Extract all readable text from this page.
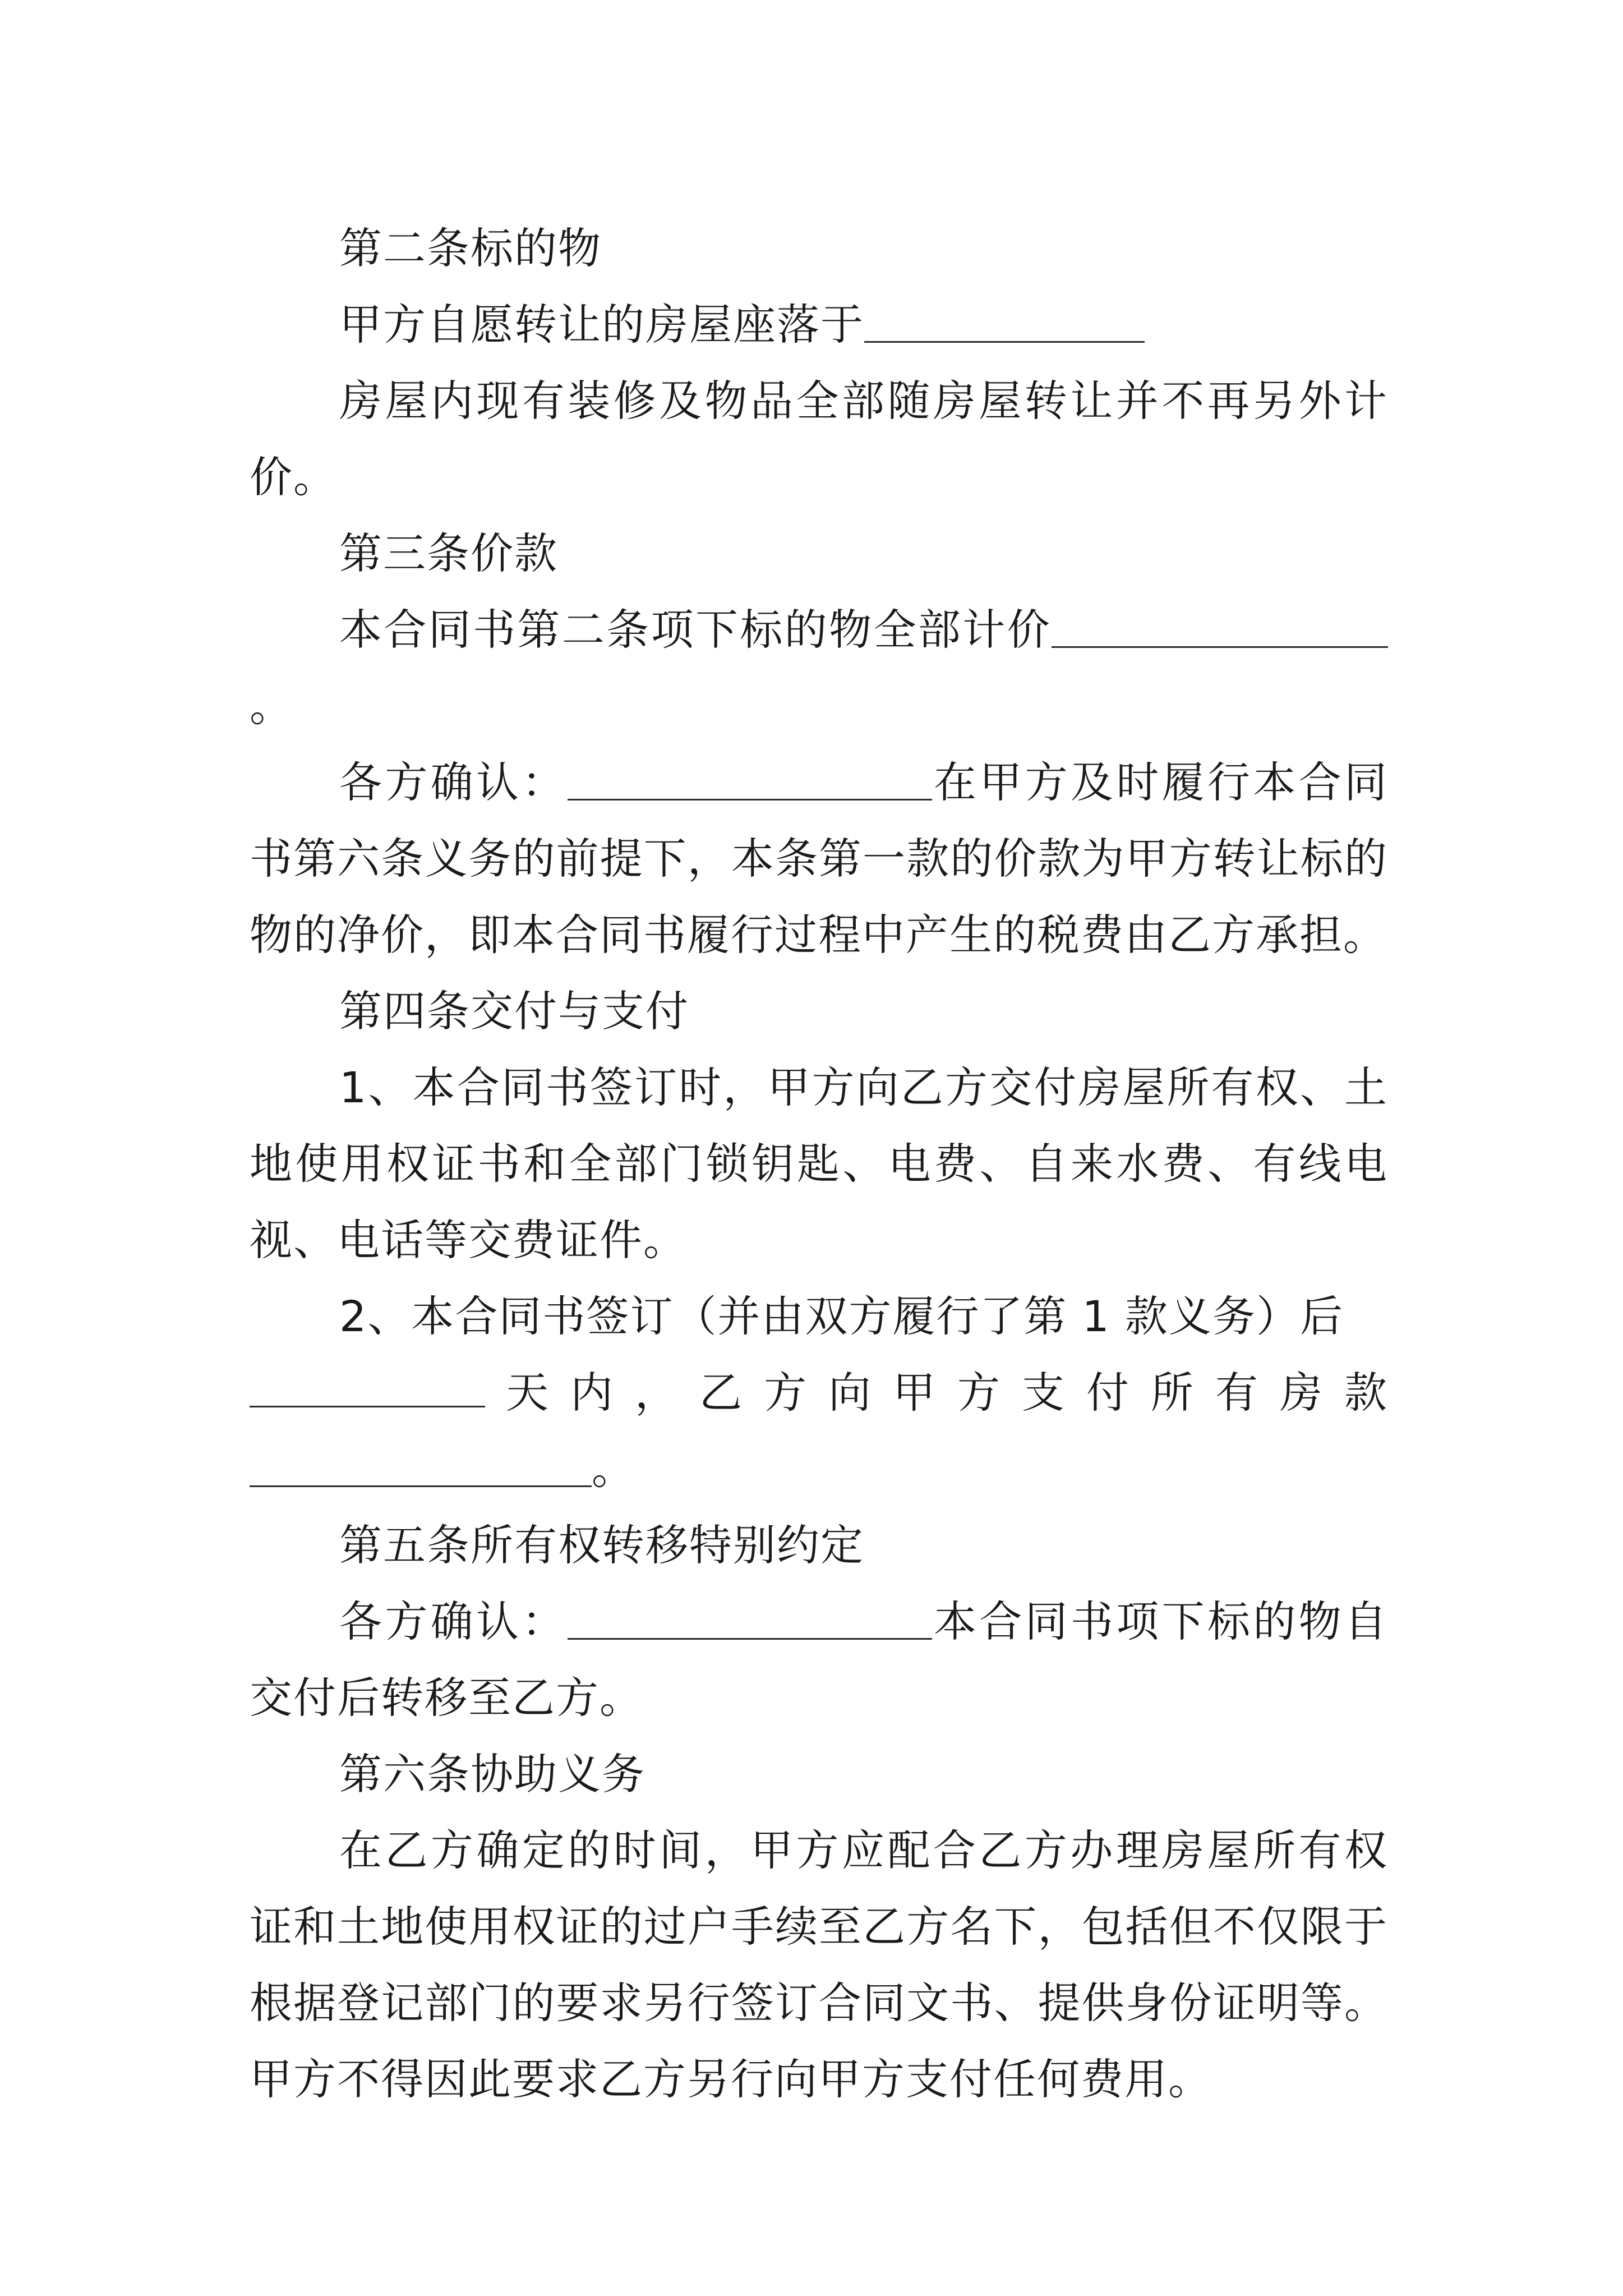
第二条标的物

甲方自愿转让的房屋座落于

房屋内现有装修及物品全部随房屋转让并不再另外计价。

第三条价款

本合同书第二条项下标的物全部计价。

各方确认：	在甲方及时履行本合同书第六条义务的前提下，本条第一款的价款为甲方转让标的物的净价，即本合同书履行过程中产生的税费由乙方承担。

第四条交付与支付

1、本合同书签订时，甲方向乙方交付房屋所有权、土地使用权证书和全部门锁钥匙、电费、自来水费、有线电视、电话等交费证件。

2、本合同书签订（并由双方履行了第 1 款义务）后

天 内 ， 乙 方 向 甲 方 支 付 所 有 房 款

。

第五条所有权转移特别约定

各方确认：	本合同书项下标的物自交付后转移至乙方。

第六条协助义务

在乙方确定的时间，甲方应配合乙方办理房屋所有权证和土地使用权证的过户手续至乙方名下，包括但不仅限于根据登记部门的要求另行签订合同文书、提供身份证明等。甲方不得因此要求乙方另行向甲方支付任何费用。
